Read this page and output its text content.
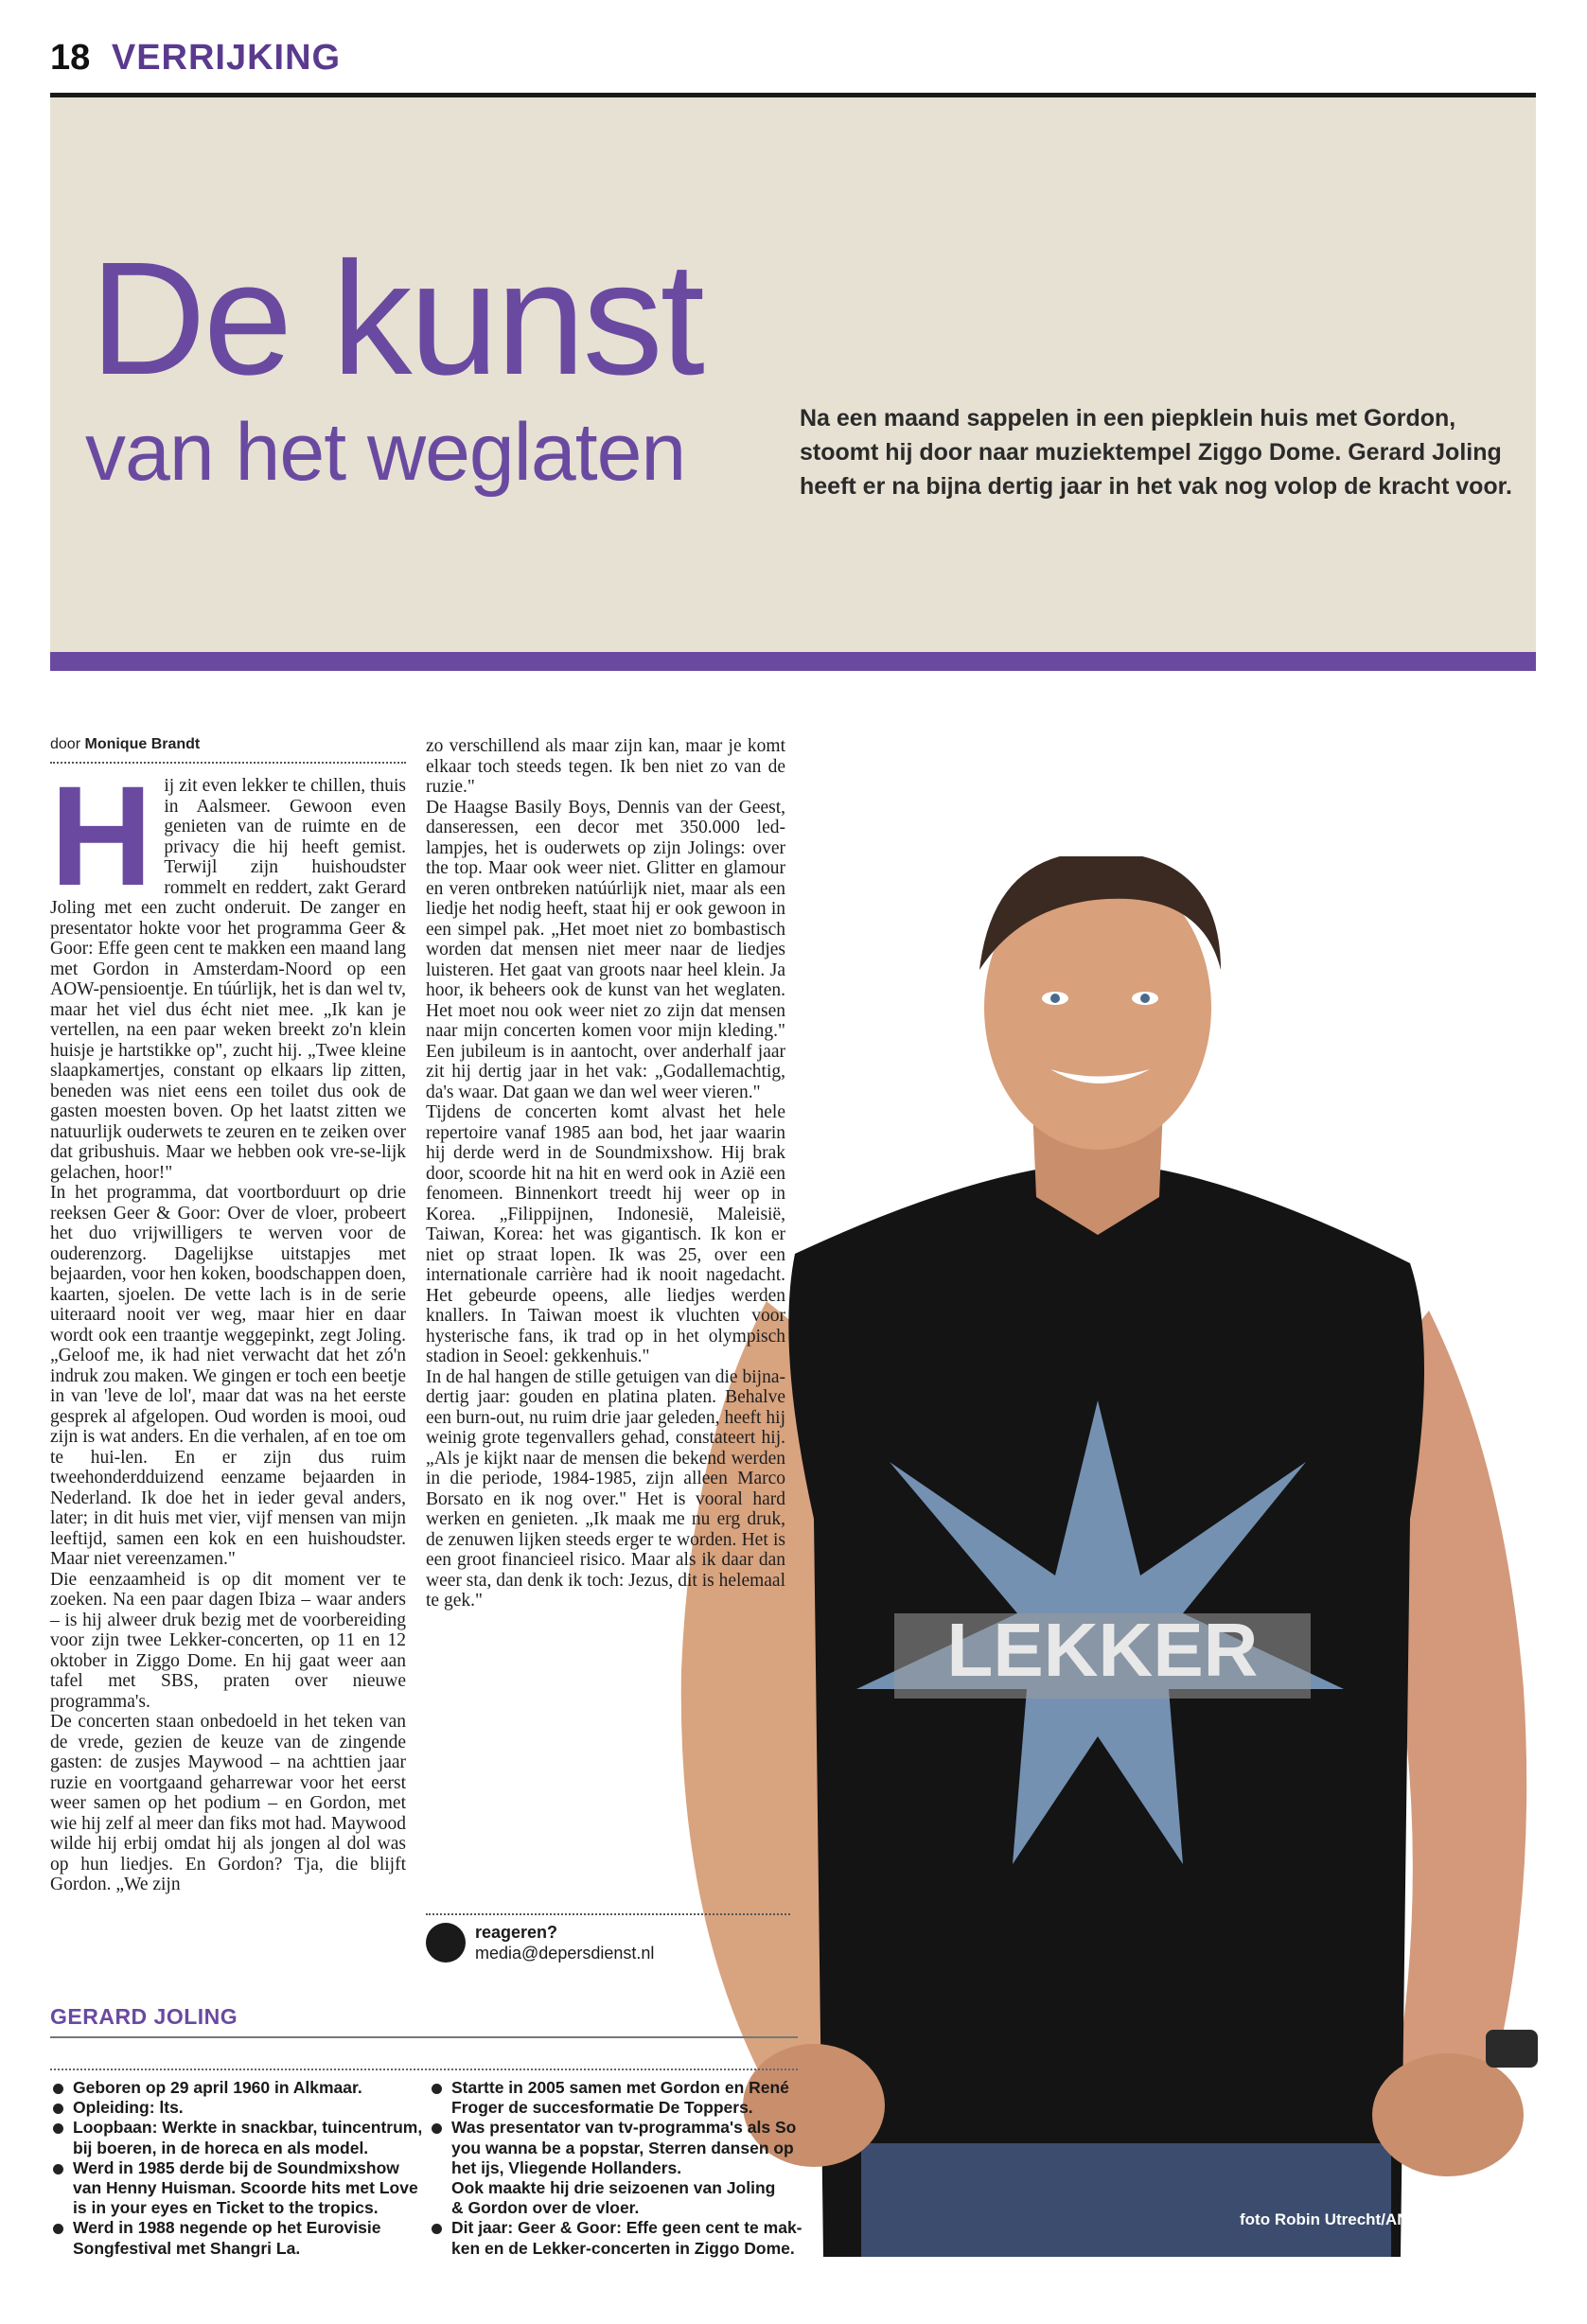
18 VERRIJKING
De kunst
van het weglaten	Na een maand sappelen in een piepklein huis met Gordon,
stoomt hij door naar muziektempel Ziggo Dome. Gerard Joling
heeft er na bijna dertig jaar in het vak nog volop de kracht voor.
LEKKER
foto Robin Utrecht/ANP
door Monique Brandt

Hij zit even lekker te chillen, thuis in Aalsmeer. Gewoon even genieten van de ruimte en de privacy die hij heeft gemist. Terwijl zijn huishoudster rommelt en reddert, zakt Gerard Joling met een zucht onderuit. De zanger en presentator hokte voor het programma Geer & Goor: Effe geen cent te makken een maand lang met Gordon in Amsterdam-Noord op een AOW-pensioentje. En túúrlijk, het is dan wel tv, maar het viel dus écht niet mee. „Ik kan je vertellen, na een paar weken breekt zo'n klein huisje je hartstikke op", zucht hij. „Twee kleine slaapkamertjes, constant op elkaars lip zitten, beneden was niet eens een toilet dus ook de gasten moesten boven. Op het laatst zitten we natuurlijk ouderwets te zeuren en te zeiken over dat gribushuis. Maar we hebben ook vre-se-lijk gelachen, hoor!"

In het programma, dat voortborduurt op drie reeksen Geer & Goor: Over de vloer, probeert het duo vrijwilligers te werven voor de ouderenzorg. Dagelijkse uitstapjes met bejaarden, voor hen koken, boodschappen doen, kaarten, sjoelen. De vette lach is in de serie uiteraard nooit ver weg, maar hier en daar wordt ook een traantje weggepinkt, zegt Joling. „Geloof me, ik had niet verwacht dat het zó'n indruk zou maken. We gingen er toch een beetje in van 'leve de lol', maar dat was na het eerste gesprek al afgelopen. Oud worden is mooi, oud zijn is wat anders. En die verhalen, af en toe om te hui-len. En er zijn dus ruim tweehonderdduizend eenzame bejaarden in Nederland. Ik doe het in ieder geval anders, later; in dit huis met vier, vijf mensen van mijn leeftijd, samen een kok en een huishoudster. Maar niet vereenzamen."

Die eenzaamheid is op dit moment ver te zoeken. Na een paar dagen Ibiza – waar anders – is hij alweer druk bezig met de voorbereiding voor zijn twee Lekker-concerten, op 11 en 12 oktober in Ziggo Dome. En hij gaat weer aan tafel met SBS, praten over nieuwe programma's.

De concerten staan onbedoeld in het teken van de vrede, gezien de keuze van de zingende gasten: de zusjes Maywood – na achttien jaar ruzie en voortgaand geharrewar voor het eerst weer samen op het podium – en Gordon, met wie hij zelf al meer dan fiks mot had. Maywood wilde hij erbij omdat hij als jongen al dol was op hun liedjes. En Gordon? Tja, die blijft Gordon. „We zijn

zo verschillend als maar zijn kan, maar je komt elkaar toch steeds tegen. Ik ben niet zo van de ruzie."

De Haagse Basily Boys, Dennis van der Geest, danseressen, een decor met 350.000 led-lampjes, het is ouderwets op zijn Jolings: over the top. Maar ook weer niet. Glitter en glamour en veren ontbreken natúúrlijk niet, maar als een liedje het nodig heeft, staat hij er ook gewoon in een simpel pak. „Het moet niet zo bombastisch worden dat mensen niet meer naar de liedjes luisteren. Het gaat van groots naar heel klein. Ja hoor, ik beheers ook de kunst van het weglaten. Het moet nou ook weer niet zo zijn dat mensen naar mijn concerten komen voor mijn kleding." Een jubileum is in aantocht, over anderhalf jaar zit hij dertig jaar in het vak: „Godallemachtig, da's waar. Dat gaan we dan wel weer vieren."

Tijdens de concerten komt alvast het hele repertoire vanaf 1985 aan bod, het jaar waarin hij derde werd in de Soundmixshow. Hij brak door, scoorde hit na hit en werd ook in Azië een fenomeen. Binnenkort treedt hij weer op in Korea. „Filippijnen, Indonesië, Maleisië, Taiwan, Korea: het was gigantisch. Ik kon er niet op straat lopen. Ik was 25, over een internationale carrière had ik nooit nagedacht. Het gebeurde opeens, alle liedjes werden knallers. In Taiwan moest ik vluchten voor hysterische fans, ik trad op in het olympisch stadion in Seoel: gekkenhuis."

In de hal hangen de stille getuigen van die bijna-dertig jaar: gouden en platina platen. Behalve een burn-out, nu ruim drie jaar geleden, heeft hij weinig grote tegenvallers gehad, constateert hij. „Als je kijkt naar de mensen die bekend werden in die periode, 1984-1985, zijn alleen Marco Borsato en ik nog over." Het is vooral hard werken en genieten. „Ik maak me nu erg druk, de zenuwen lijken steeds erger te worden. Het is een groot financieel risico. Maar als ik daar dan weer sta, dan denk ik toch: Jezus, dit is helemaal te gek."

reageren?
media@depersdienst.nl
GERARD JOLING
Geboren op 29 april 1960 in Alkmaar.
Opleiding: lts.
Loopbaan: Werkte in snackbar, tuincentrum,
bij boeren, in de horeca en als model.
Werd in 1985 derde bij de Soundmixshow
van Henny Huisman. Scoorde hits met Love
is in your eyes en Ticket to the tropics.
Werd in 1988 negende op het Eurovisie
Songfestival met Shangri La.
Startte in 2005 samen met Gordon en René
Froger de succesformatie De Toppers.
Was presentator van tv-programma's als So
you wanna be a popstar, Sterren dansen op
het ijs, Vliegende Hollanders.
Ook maakte hij drie seizoenen van Joling
& Gordon over de vloer.
Dit jaar: Geer & Goor: Effe geen cent te mak-
ken en de Lekker-concerten in Ziggo Dome.
